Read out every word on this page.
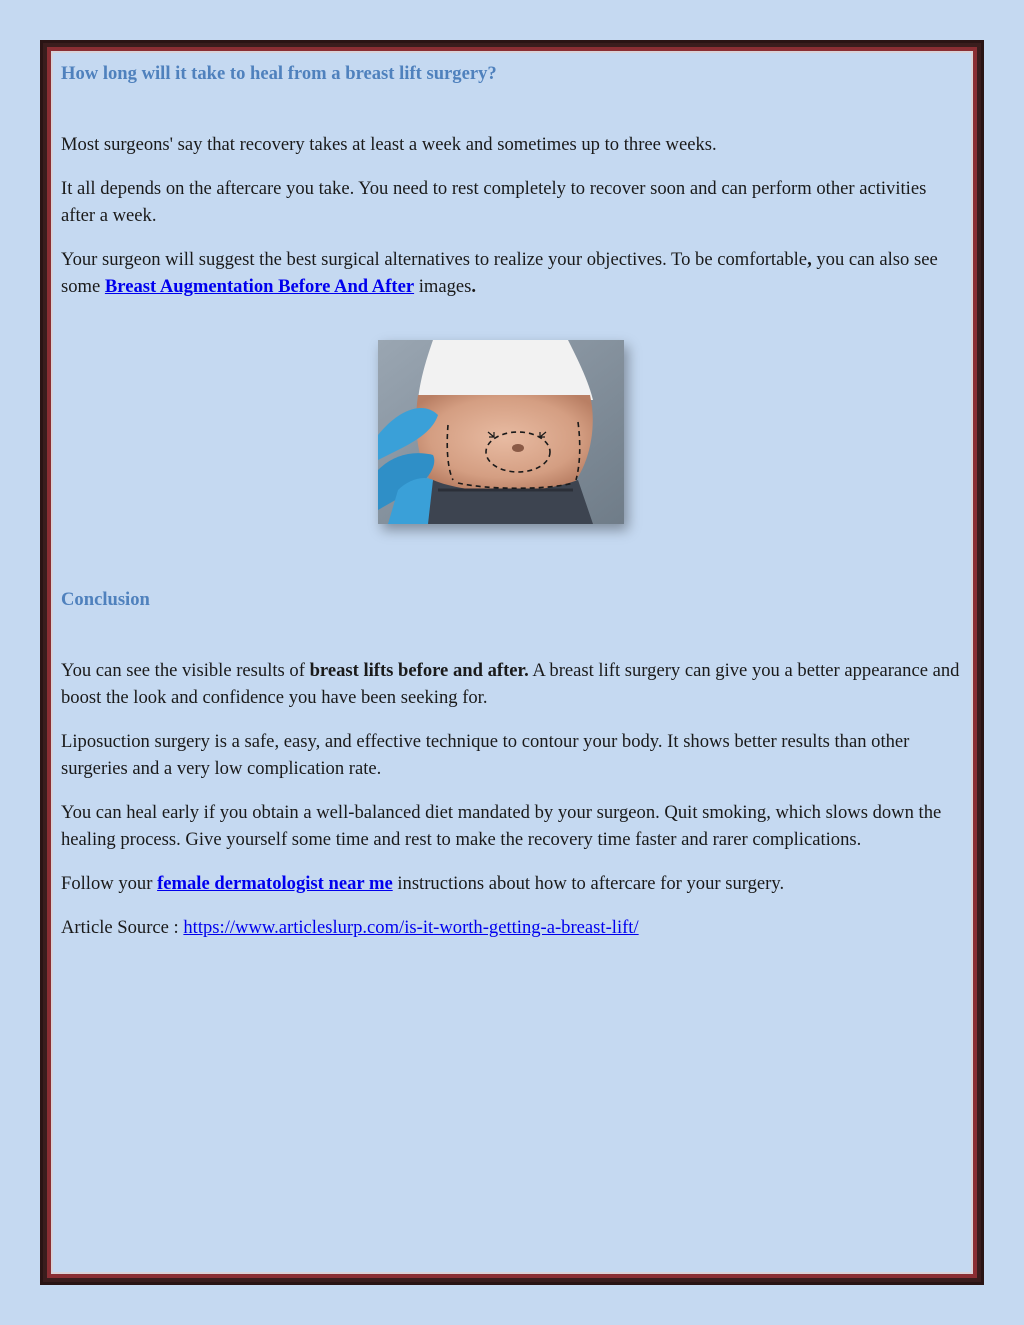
How long will it take to heal from a breast lift surgery?

Most surgeons' say that recovery takes at least a week and sometimes up to three weeks.

It all depends on the aftercare you take. You need to rest completely to recover soon and can perform other activities after a week.

Your surgeon will suggest the best surgical alternatives to realize your objectives. To be comfortable, you can also see some Breast Augmentation Before And After images.

Conclusion

You can see the visible results of breast lifts before and after. A breast lift surgery can give you a better appearance and boost the look and confidence you have been seeking for.

Liposuction surgery is a safe, easy, and effective technique to contour your body. It shows better results than other surgeries and a very low complication rate.

You can heal early if you obtain a well-balanced diet mandated by your surgeon. Quit smoking, which slows down the healing process. Give yourself some time and rest to make the recovery time faster and rarer complications.

Follow your female dermatologist near me instructions about how to aftercare for your surgery.

Article Source : https://www.articleslurp.com/is-it-worth-getting-a-breast-lift/
